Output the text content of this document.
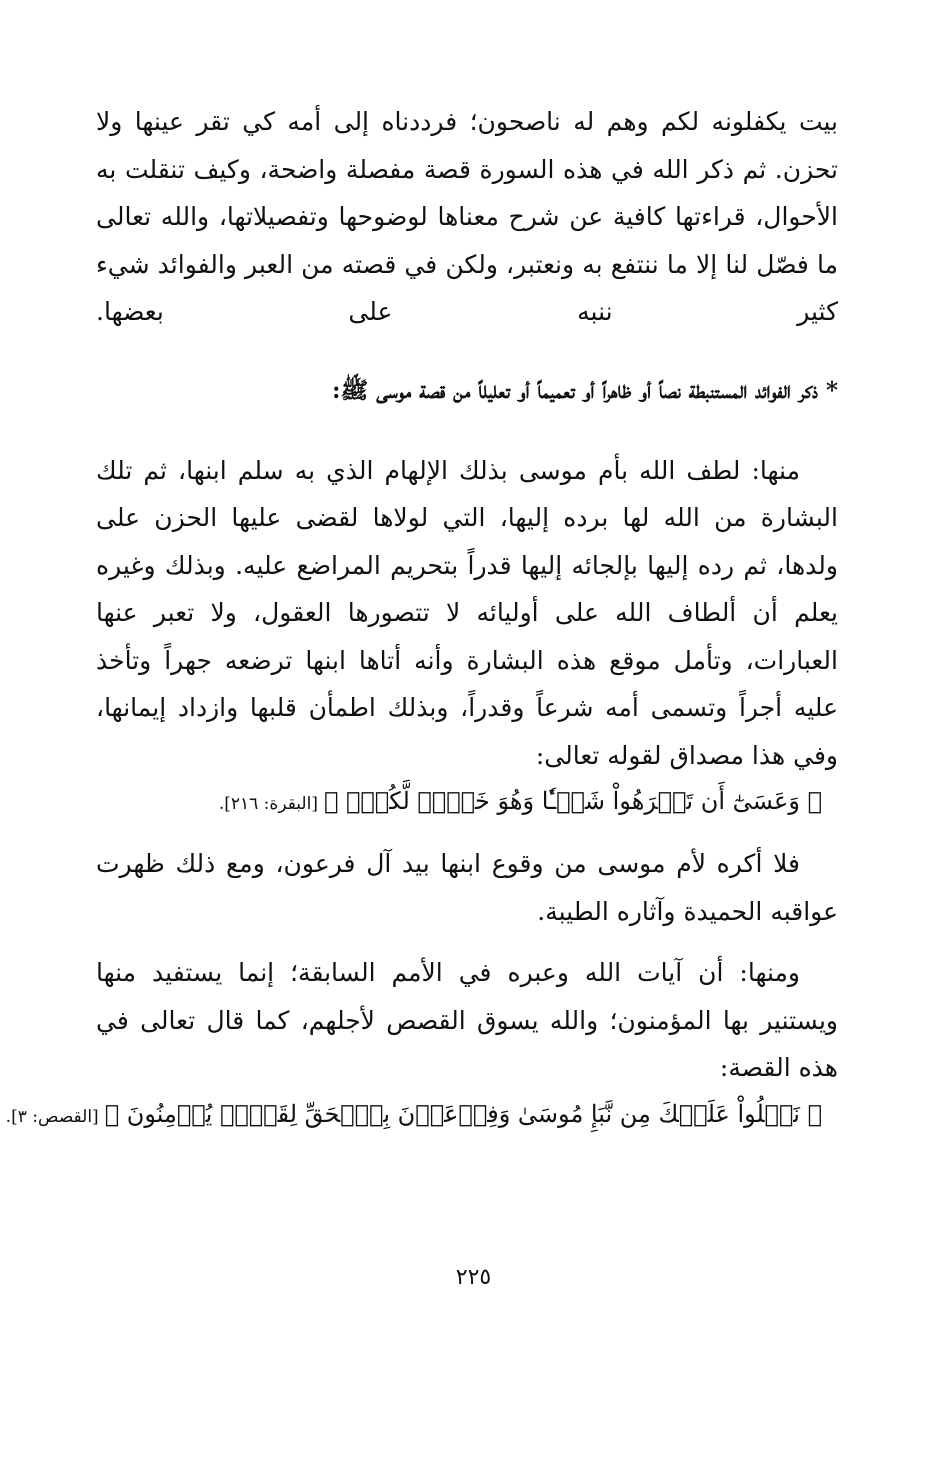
بيت يكفلونه لكم وهم له ناصحون؛ فرددناه إلى أمه كي تقر عينها ولا تحزن. ثم ذكر الله في هذه السورة قصة مفصلة واضحة، وكيف تنقلت به الأحوال، قراءتها كافية عن شرح معناها لوضوحها وتفصيلاتها، والله تعالى ما فصّل لنا إلا ما ننتفع به ونعتبر، ولكن في قصته من العبر والفوائد شيء كثير ننبه على بعضها.

* ذكر الفوائد المستنبطة نصاً أو ظاهراً أو تعميماً أو تعليلاً من قصة موسى ﷺ:

منها: لطف الله بأم موسى بذلك الإلهام الذي به سلم ابنها، ثم تلك البشارة من الله لها برده إليها، التي لولاها لقضى عليها الحزن على ولدها، ثم رده إليها بإلجائه إليها قدراً بتحريم المراضع عليه. وبذلك وغيره يعلم أن ألطاف الله على أوليائه لا تتصورها العقول، ولا تعبر عنها العبارات، وتأمل موقع هذه البشارة وأنه أتاها ابنها ترضعه جهراً وتأخذ عليه أجراً وتسمى أمه شرعاً وقدراً، وبذلك اطمأن قلبها وازداد إيمانها، وفي هذا مصداق لقوله تعالى:

﴿ وَعَسَىٰٓ أَن تَكۡرَهُواْ شَيۡـٔٗا وَهُوَ خَيۡرٞ لَّكُمۡۖ ﴾[البقرة: ٢١٦].

فلا أكره لأم موسى من وقوع ابنها بيد آل فرعون، ومع ذلك ظهرت عواقبه الحميدة وآثاره الطيبة.

ومنها: أن آيات الله وعبره في الأمم السابقة؛ إنما يستفيد منها ويستنير بها المؤمنون؛ والله يسوق القصص لأجلهم، كما قال تعالى في هذه القصة:

﴿ نَتۡلُواْ عَلَيۡكَ مِن نَّبَإِ مُوسَىٰ وَفِرۡعَوۡنَ بِٱلۡحَقِّ لِقَوۡمٖ يُؤۡمِنُونَ ﴾[القصص: ٣].

٢٢٥
